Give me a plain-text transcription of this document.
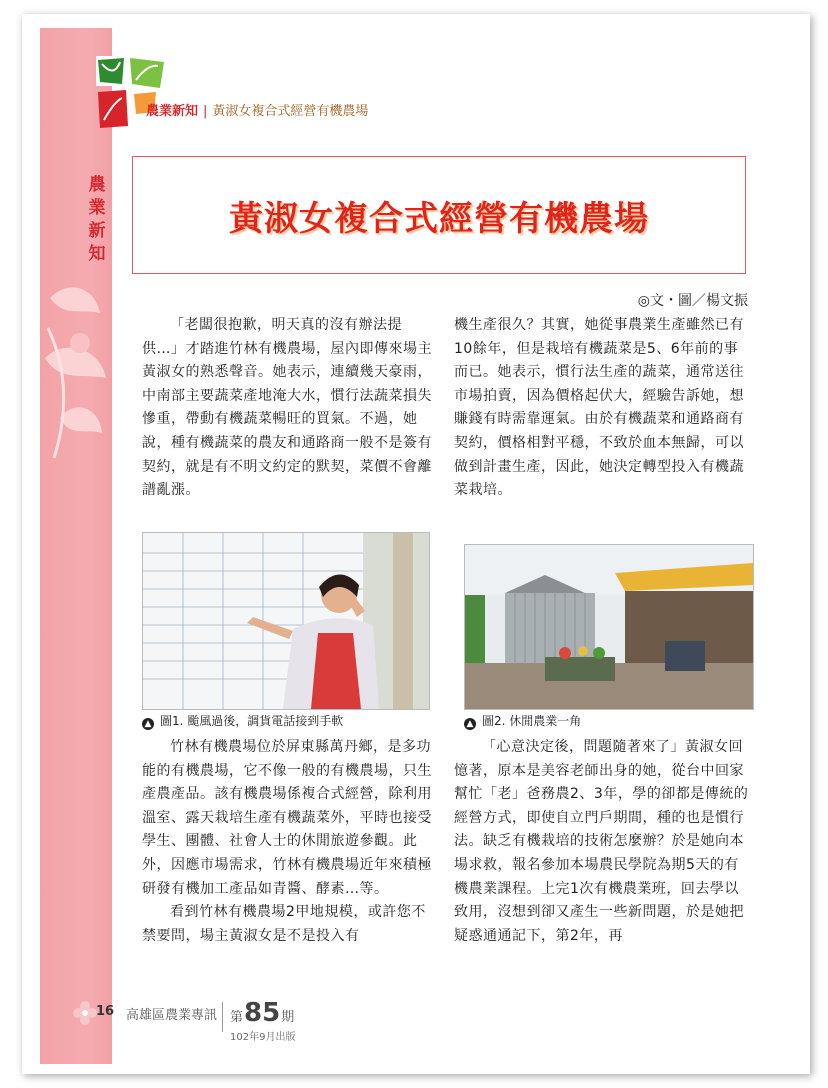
農業新知
農業新知 | 黃淑女複合式經營有機農場
黃淑女複合式經營有機農場
◎文・圖／楊文振

「老闆很抱歉，明天真的沒有辦法提供…」才踏進竹林有機農場，屋內即傳來場主黃淑女的熟悉聲音。她表示，連續幾天豪雨，中南部主要蔬菜產地淹大水，慣行法蔬菜損失慘重，帶動有機蔬菜暢旺的買氣。不過，她說，種有機蔬菜的農友和通路商一般不是簽有契約，就是有不明文約定的默契，菜價不會離譜亂漲。

機生產很久？其實，她從事農業生產雖然已有10餘年，但是栽培有機蔬菜是5、6年前的事而已。她表示，慣行法生產的蔬菜，通常送往市場拍賣，因為價格起伏大，經驗告訴她，想賺錢有時需靠運氣。由於有機蔬菜和通路商有契約，價格相對平穩，不致於血本無歸，可以做到計畫生產，因此，她決定轉型投入有機蔬菜栽培。

▲ 圖1. 颱風過後，調貨電話接到手軟	▲ 圖2. 休閒農業一角

竹林有機農場位於屏東縣萬丹鄉，是多功能的有機農場，它不像一般的有機農場，只生產農產品。該有機農場係複合式經營，除利用溫室、露天栽培生產有機蔬菜外，平時也接受學生、團體、社會人士的休閒旅遊參觀。此外，因應市場需求，竹林有機農場近年來積極研發有機加工產品如青醬、酵素…等。

看到竹林有機農場2甲地規模，或許您不禁要問，場主黃淑女是不是投入有

「心意決定後，問題隨著來了」黃淑女回憶著，原本是美容老師出身的她，從台中回家幫忙「老」爸務農2、3年，學的卻都是傳統的經營方式，即使自立門戶期間，種的也是慣行法。缺乏有機栽培的技術怎麼辦？於是她向本場求救，報名參加本場農民學院為期5天的有機農業課程。上完1次有機農業班，回去學以致用，沒想到卻又產生一些新問題，於是她把疑惑通通記下，第2年，再

16 高雄區農業專訊 第85期
102年9月出版
